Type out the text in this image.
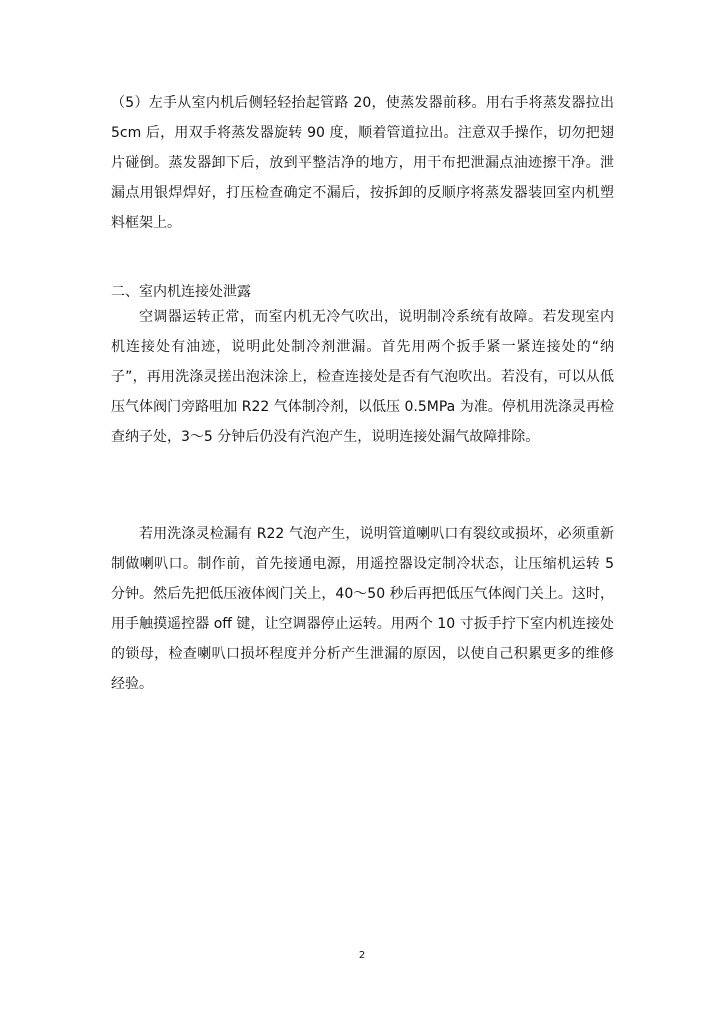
（5）左手从室内机后侧轻轻抬起管路 20，使蒸发器前移。用右手将蒸发器拉出 5cm 后，用双手将蒸发器旋转 90 度，顺着管道拉出。注意双手操作，切勿把翅片碰倒。蒸发器卸下后，放到平整洁净的地方，用干布把泄漏点油迹擦干净。泄漏点用银焊焊好，打压检查确定不漏后，按拆卸的反顺序将蒸发器装回室内机塑料框架上。

二、室内机连接处泄露

空调器运转正常，而室内机无冷气吹出，说明制冷系统有故障。若发现室内机连接处有油迹，说明此处制冷剂泄漏。首先用两个扳手紧一紧连接处的“纳子”，再用洗涤灵搓出泡沫涂上，检查连接处是否有气泡吹出。若没有，可以从低压气体阀门旁路咀加 R22 气体制冷剂，以低压 0.5MPa 为准。停机用洗涤灵再检查纳子处，3～5 分钟后仍没有汽泡产生，说明连接处漏气故障排除。

若用洗涤灵检漏有 R22 气泡产生，说明管道喇叭口有裂纹或损坏，必须重新制做喇叭口。制作前，首先接通电源，用遥控器设定制冷状态，让压缩机运转 5 分钟。然后先把低压液体阀门关上，40～50 秒后再把低压气体阀门关上。这时，用手触摸遥控器 off 键，让空调器停止运转。用两个 10 寸扳手拧下室内机连接处的锁母，检查喇叭口损坏程度并分析产生泄漏的原因，以使自己积累更多的维修经验。

2
